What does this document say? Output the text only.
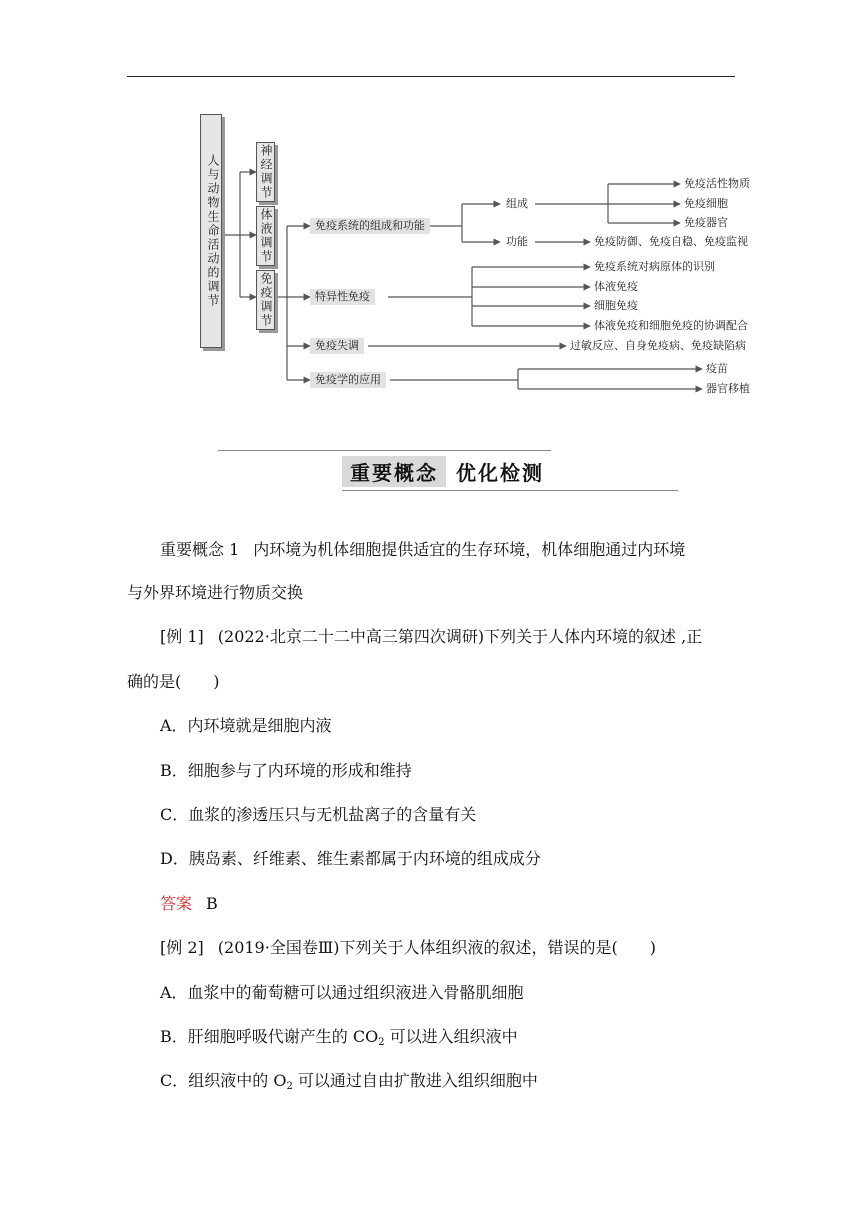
人与动物生命活动的调节	神经调节
体液调节
免疫调节
免疫系统的组成和功能
特异性免疫
免疫失调
免疫学的应用
组成
功能
免疫活性物质
免疫细胞
免疫器官
免疫防御、免疫自稳、免疫监视
免疫系统对病原体的识别
体液免疫
细胞免疫
体液免疫和细胞免疫的协调配合
过敏反应、自身免疫病、免疫缺陷病
疫苗
器官移植
重要概念 优化检测
重要概念 1 内环境为机体细胞提供适宜的生存环境，机体细胞通过内环境
与外界环境进行物质交换
[例 1] (2022·北京二十二中高三第四次调研)下列关于人体内环境的叙述 ,正
确的是(　　)
A．内环境就是细胞内液
B．细胞参与了内环境的形成和维持
C．血浆的渗透压只与无机盐离子的含量有关
D．胰岛素、纤维素、维生素都属于内环境的组成成分
答案 B
[例 2] (2019·全国卷Ⅲ)下列关于人体组织液的叙述，错误的是(　　)
A．血浆中的葡萄糖可以通过组织液进入骨骼肌细胞
B．肝细胞呼吸代谢产生的 $CO_2$ 可以进入组织液中
C．组织液中的 $O_2$ 可以通过自由扩散进入组织细胞中
